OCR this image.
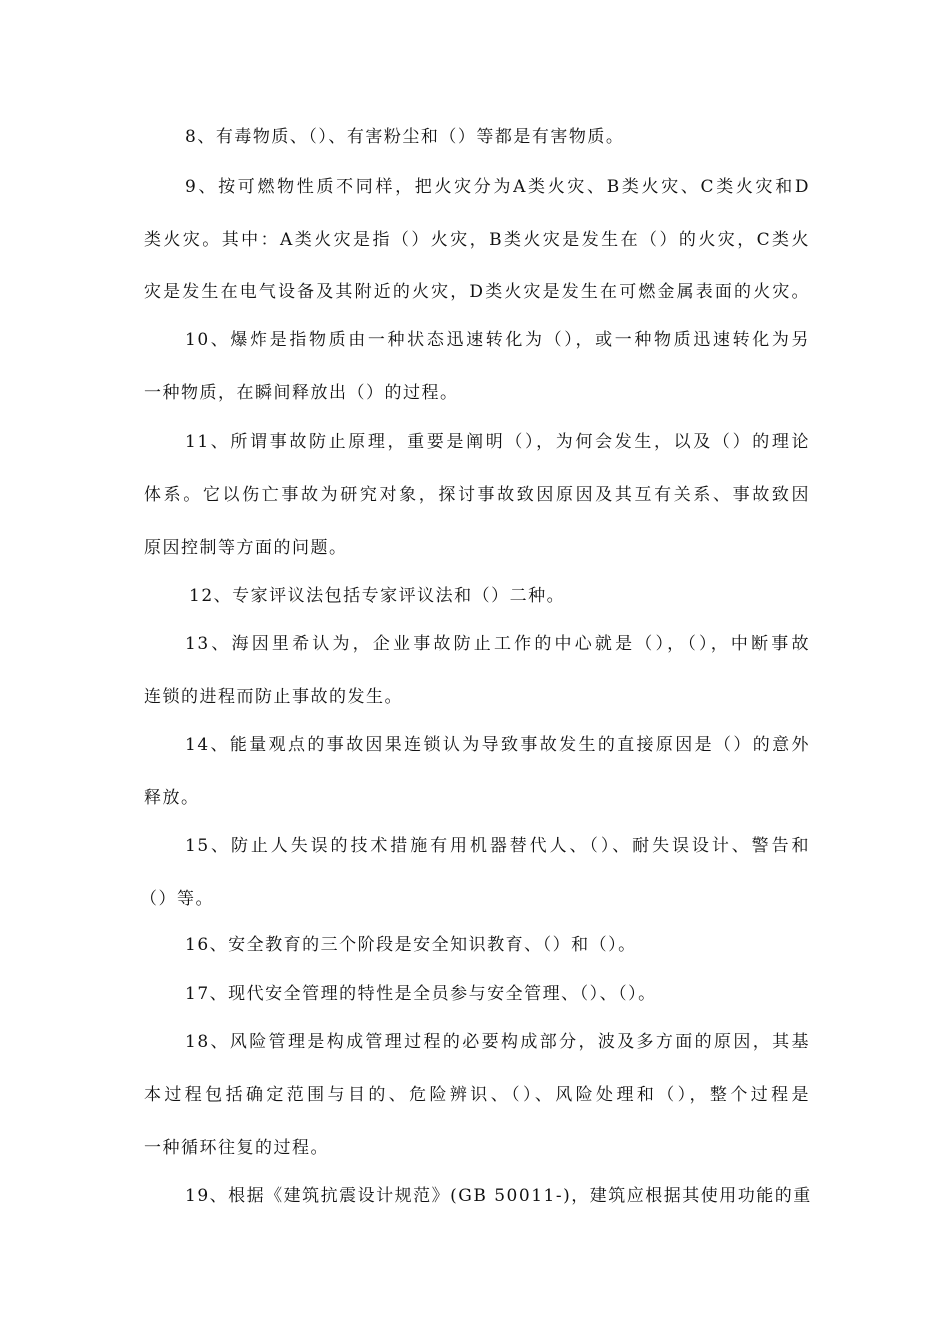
8、有毒物质、（）、有害粉尘和（）等都是有害物质。
9、按可燃物性质不同样，把火灾分为A类火灾、B类火灾、C类火灾和D
类火灾。其中：A类火灾是指（）火灾，B类火灾是发生在（）的火灾，C类火
灾是发生在电气设备及其附近的火灾，D类火灾是发生在可燃金属表面的火灾。
10、爆炸是指物质由一种状态迅速转化为（），或一种物质迅速转化为另
一种物质，在瞬间释放出（）的过程。
11、所谓事故防止原理，重要是阐明（），为何会发生，以及（）的理论
体系。它以伤亡事故为研究对象，探讨事故致因原因及其互有关系、事故致因
原因控制等方面的问题。
12、专家评议法包括专家评议法和（）二种。
13、海因里希认为，企业事故防止工作的中心就是（），（），中断事故
连锁的进程而防止事故的发生。
14、能量观点的事故因果连锁认为导致事故发生的直接原因是（）的意外
释放。
15、防止人失误的技术措施有用机器替代人、（）、耐失误设计、警告和
（）等。
16、安全教育的三个阶段是安全知识教育、（）和（）。
17、现代安全管理的特性是全员参与安全管理、（）、（）。
18、风险管理是构成管理过程的必要构成部分，波及多方面的原因，其基
本过程包括确定范围与目的、危险辨识、（）、风险处理和（），整个过程是
一种循环往复的过程。
19、根据《建筑抗震设计规范》(GB 50011-)，建筑应根据其使用功能的重
